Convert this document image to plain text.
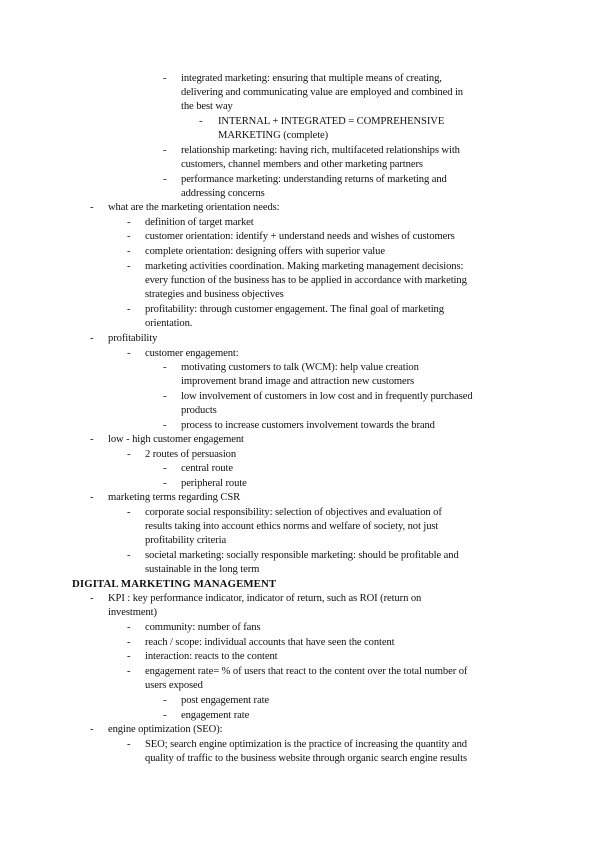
- integrated marketing: ensuring that multiple means of creating,
delivering and communicating value are employed and combined in
the best way
- INTERNAL + INTEGRATED = COMPREHENSIVE
MARKETING (complete)
- relationship marketing: having rich, multifaceted relationships with
customers, channel members and other marketing partners
- performance marketing: understanding returns of marketing and
addressing concerns
- what are the marketing orientation needs:
- definition of target market
- customer orientation: identify + understand needs and wishes of customers
- complete orientation: designing offers with superior value
- marketing activities coordination. Making marketing management decisions:
every function of the business has to be applied in accordance with marketing
strategies and business objectives
- profitability: through customer engagement. The final goal of marketing
orientation.
- profitability
- customer engagement:
- motivating customers to talk (WCM): help value creation
improvement brand image and attraction new customers
- low involvement of customers in low cost and in frequently purchased
products
- process to increase customers involvement towards the brand
- low - high customer engagement
- 2 routes of persuasion
- central route
- peripheral route
- marketing terms regarding CSR
- corporate social responsibility: selection of objectives and evaluation of
results taking into account ethics norms and welfare of society, not just
profitability criteria
- societal marketing: socially responsible marketing: should be profitable and
sustainable in the long term
DIGITAL MARKETING MANAGEMENT
- KPI : key performance indicator, indicator of return, such as ROI (return on
investment)
- community: number of fans
- reach / scope: individual accounts that have seen the content
- interaction: reacts to the content
- engagement rate= % of users that react to the content over the total number of
users exposed
- post engagement rate
- engagement rate
- engine optimization (SEO):
- SEO; search engine optimization is the practice of increasing the quantity and
quality of traffic to the business website through organic search engine results
